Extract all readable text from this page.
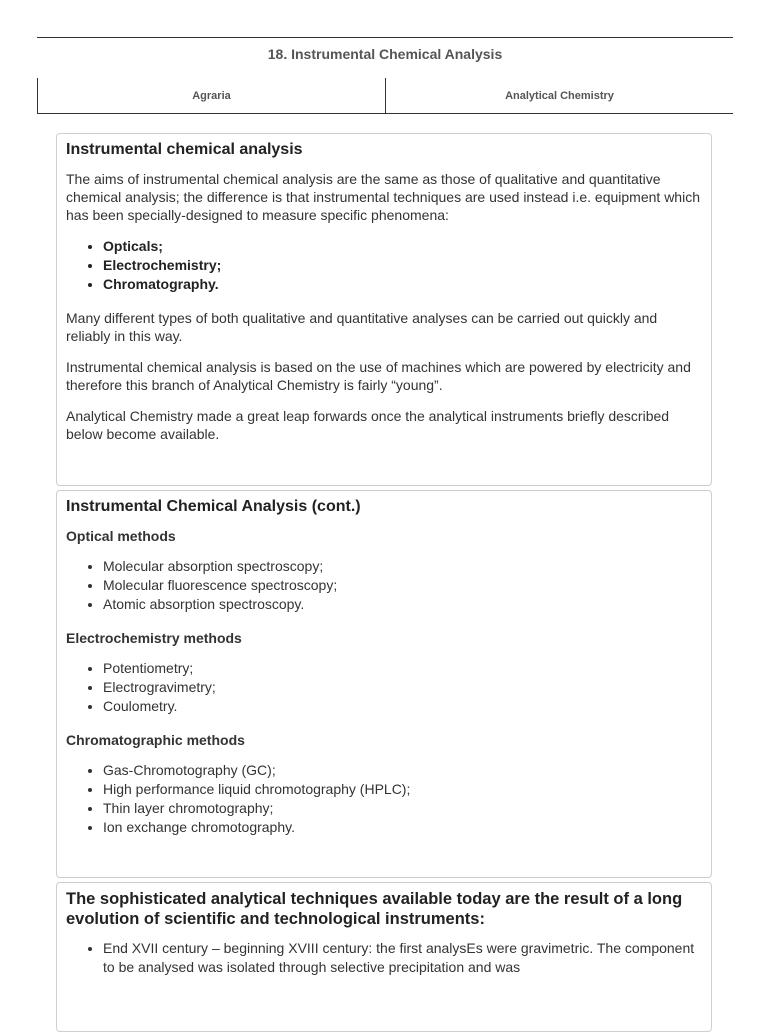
18. Instrumental Chemical Analysis
Agraria	Analytical Chemistry
Instrumental chemical analysis

The aims of instrumental chemical analysis are the same as those of qualitative and quantitative chemical analysis; the difference is that instrumental techniques are used instead i.e. equipment which has been specially-designed to measure specific phenomena:

• Opticals;
• Electrochemistry;
• Chromatography.

Many different types of both qualitative and quantitative analyses can be carried out quickly and reliably in this way.

Instrumental chemical analysis is based on the use of machines which are powered by electricity and therefore this branch of Analytical Chemistry is fairly “young”.

Analytical Chemistry made a great leap forwards once the analytical instruments briefly described below become available.

Instrumental Chemical Analysis (cont.)
Optical methods
• Molecular absorption spectroscopy;
• Molecular fluorescence spectroscopy;
• Atomic absorption spectroscopy.
Electrochemistry methods
• Potentiometry;
• Electrogravimetry;
• Coulometry.
Chromatographic methods
• Gas-Chromotography (GC);
• High performance liquid chromotography (HPLC);
• Thin layer chromotography;
• Ion exchange chromotography.
The sophisticated analytical techniques available today are the result of a long evolution of scientific and technological instruments:
• End XVII century – beginning XVIII century: the first analysEs were gravimetric. The component to be analysed was isolated through selective precipitation and was
